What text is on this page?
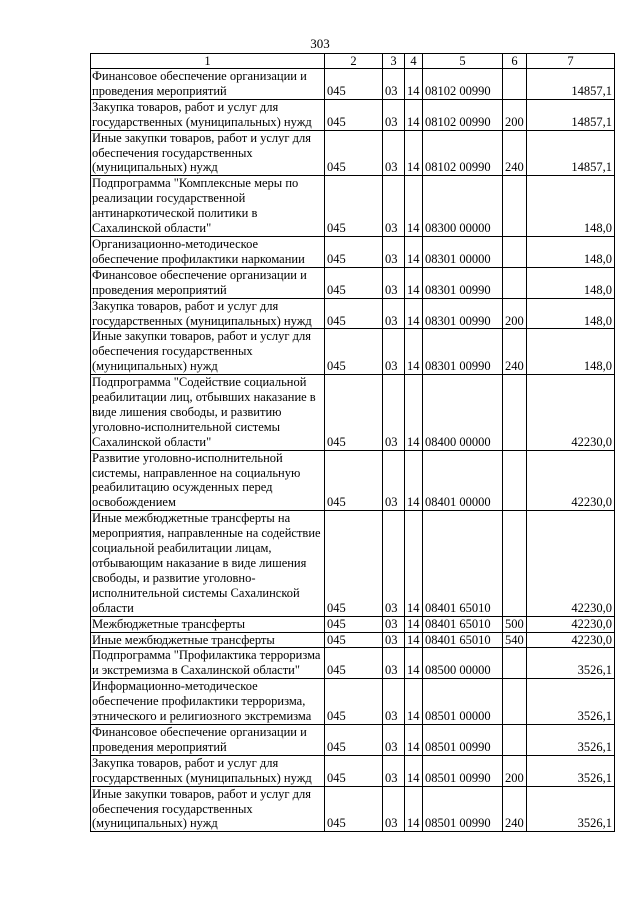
303
1	2	3	4	5	6	7
Финансовое обеспечение организации и проведения мероприятий	045	03	14	08102 00990		14857,1
Закупка товаров, работ и услуг для государственных (муниципальных) нужд	045	03	14	08102 00990	200	14857,1
Иные закупки товаров, работ и услуг для обеспечения государственных (муниципальных) нужд	045	03	14	08102 00990	240	14857,1
Подпрограмма "Комплексные меры по реализации государственной антинаркотической политики в Сахалинской области"	045	03	14	08300 00000		148,0
Организационно-методическое обеспечение профилактики наркомании	045	03	14	08301 00000		148,0
Финансовое обеспечение организации и проведения мероприятий	045	03	14	08301 00990		148,0
Закупка товаров, работ и услуг для государственных (муниципальных) нужд	045	03	14	08301 00990	200	148,0
Иные закупки товаров, работ и услуг для обеспечения государственных (муниципальных) нужд	045	03	14	08301 00990	240	148,0
Подпрограмма "Содействие социальной реабилитации лиц, отбывших наказание в виде лишения свободы, и развитию уголовно-исполнительной системы Сахалинской области"	045	03	14	08400 00000		42230,0
Развитие уголовно-исполнительной системы, направленное на социальную реабилитацию осужденных перед освобождением	045	03	14	08401 00000		42230,0
Иные межбюджетные трансферты на мероприятия, направленные на содействие социальной реабилитации лицам, отбывающим наказание в виде лишения свободы, и развитие уголовно-исполнительной системы Сахалинской области	045	03	14	08401 65010		42230,0
Межбюджетные трансферты	045	03	14	08401 65010	500	42230,0
Иные межбюджетные трансферты	045	03	14	08401 65010	540	42230,0
Подпрограмма "Профилактика терроризма и экстремизма в Сахалинской области"	045	03	14	08500 00000		3526,1
Информационно-методическое обеспечение профилактики терроризма, этнического и религиозного экстремизма	045	03	14	08501 00000		3526,1
Финансовое обеспечение организации и проведения мероприятий	045	03	14	08501 00990		3526,1
Закупка товаров, работ и услуг для государственных (муниципальных) нужд	045	03	14	08501 00990	200	3526,1
Иные закупки товаров, работ и услуг для обеспечения государственных (муниципальных) нужд	045	03	14	08501 00990	240	3526,1
